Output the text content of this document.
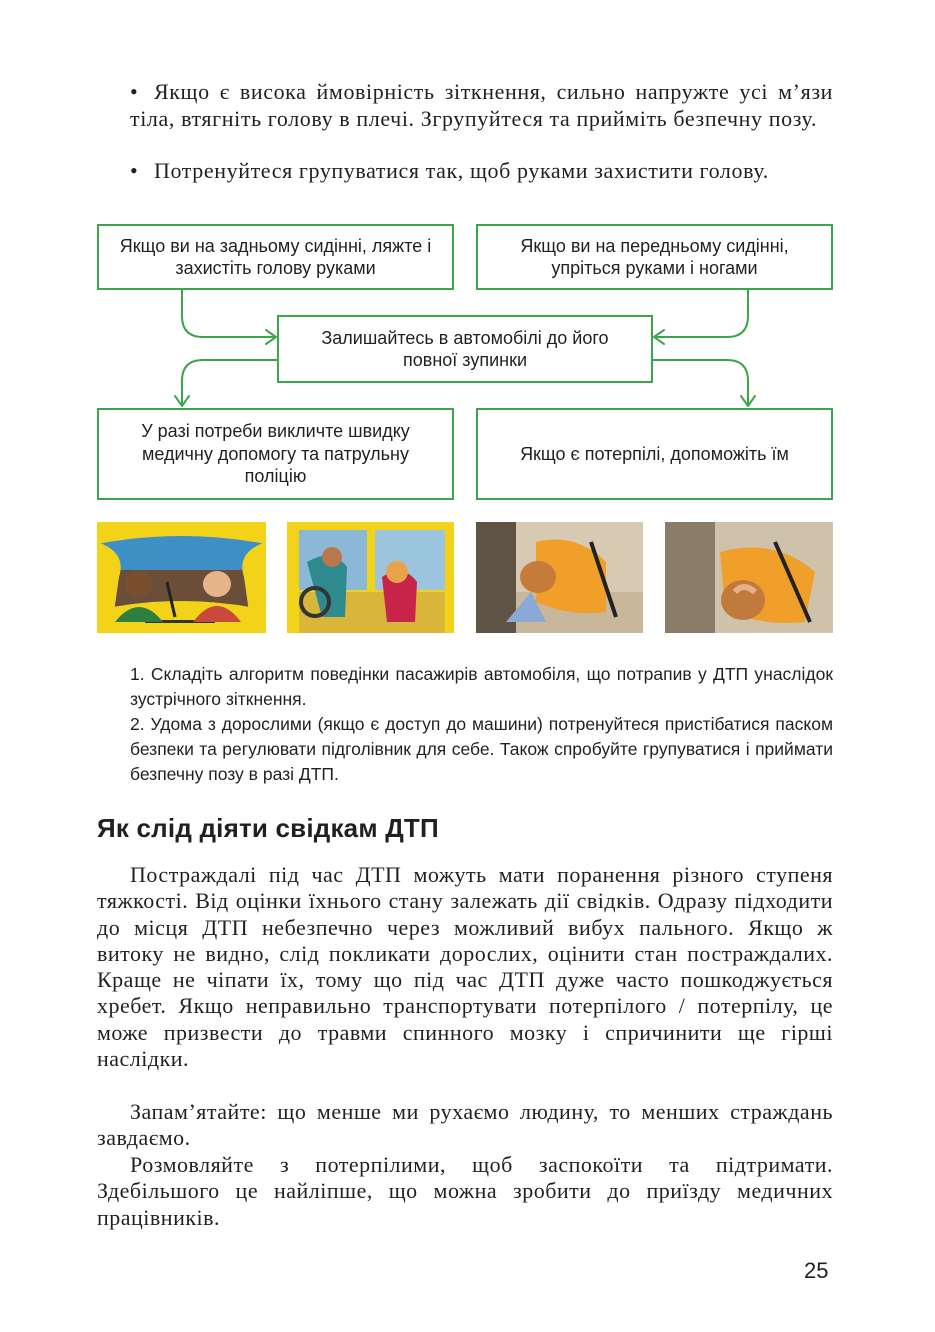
• Якщо є висока ймовірність зіткнення, сильно напружте усі м’язи тіла, втягніть голову в плечі. Згрупуйтеся та прийміть безпечну позу.
• Потренуйтеся групуватися так, щоб руками захистити голову.
Якщо ви на задньому сидінні, ляжте і захистіть голову руками
Якщо ви на передньому сидінні, упріться руками і ногами
Залишайтесь в автомобілі до його повної зупинки
У разі потреби викличте швидку медичну допомогу та патрульну поліцію
Якщо є потерпілі, допоможіть їм
1. Складіть алгоритм поведінки пасажирів автомобіля, що потрапив у ДТП унаслідок зустрічного зіткнення.
2. Удома з дорослими (якщо є доступ до машини) потренуйтеся пристібатися паском безпеки та регулювати підголівник для себе. Також спробуйте групуватися і приймати безпечну позу в разі ДТП.
Як слід діяти свідкам ДТП

Постраждалі під час ДТП можуть мати поранення різного ступеня тяжкості. Від оцінки їхнього стану залежать дії свідків. Одразу підходити до місця ДТП небезпечно через можливий вибух пального. Якщо ж витоку не видно, слід покликати дорослих, оцінити стан постраждалих. Краще не чіпати їх, тому що під час ДТП дуже часто пошкоджується хребет. Якщо неправильно транспортувати потерпілого / потерпілу, це може призвести до травми спинного мозку і спричинити ще гірші наслідки.

Запам’ятайте: що менше ми рухаємо людину, то менших страждань завдаємо.

Розмовляйте з потерпілими, щоб заспокоїти та підтримати. Здебільшого це найліпше, що можна зробити до приїзду медичних працівників.

25
